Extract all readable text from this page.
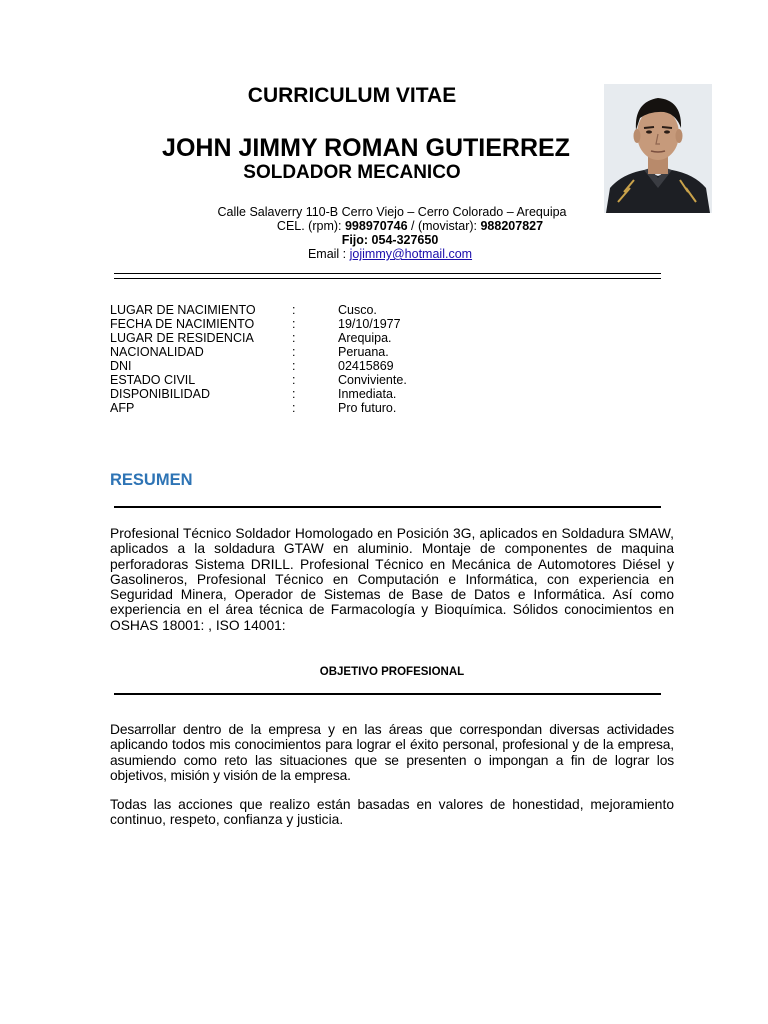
CURRICULUM VITAE
JOHN JIMMY ROMAN GUTIERREZ
SOLDADOR MECANICO
Calle Salaverry 110-B Cerro Viejo – Cerro Colorado – Arequipa
CEL. (rpm): 998970746 / (movistar): 988207827
Fijo: 054-327650
Email : jojimmy@hotmail.com
LUGAR DE NACIMIENTO	:	Cusco.
FECHA DE NACIMIENTO	:	19/10/1977
LUGAR DE RESIDENCIA	:	Arequipa.
NACIONALIDAD	:	Peruana.
DNI	:	02415869
ESTADO CIVIL	:	Conviviente.
DISPONIBILIDAD	:	Inmediata.
AFP	:	Pro futuro.
RESUMEN
Profesional Técnico Soldador Homologado en Posición 3G, aplicados en Soldadura SMAW, aplicados a la soldadura GTAW en aluminio. Montaje de componentes de maquina perforadoras Sistema DRILL. Profesional Técnico en Mecánica de Automotores Diésel y Gasolineros, Profesional Técnico en Computación e Informática, con experiencia en Seguridad Minera, Operador de Sistemas de Base de Datos e Informática. Así como experiencia en el área técnica de Farmacología y Bioquímica. Sólidos conocimientos en OSHAS 18001: , ISO 14001:
OBJETIVO PROFESIONAL
Desarrollar dentro de la empresa y en las áreas que correspondan diversas actividades aplicando todos mis conocimientos para lograr el éxito personal, profesional y de la empresa, asumiendo como reto las situaciones que se presenten o impongan a fin de lograr los objetivos, misión y visión de la empresa.
Todas las acciones que realizo están basadas en valores de honestidad, mejoramiento continuo, respeto, confianza y justicia.
